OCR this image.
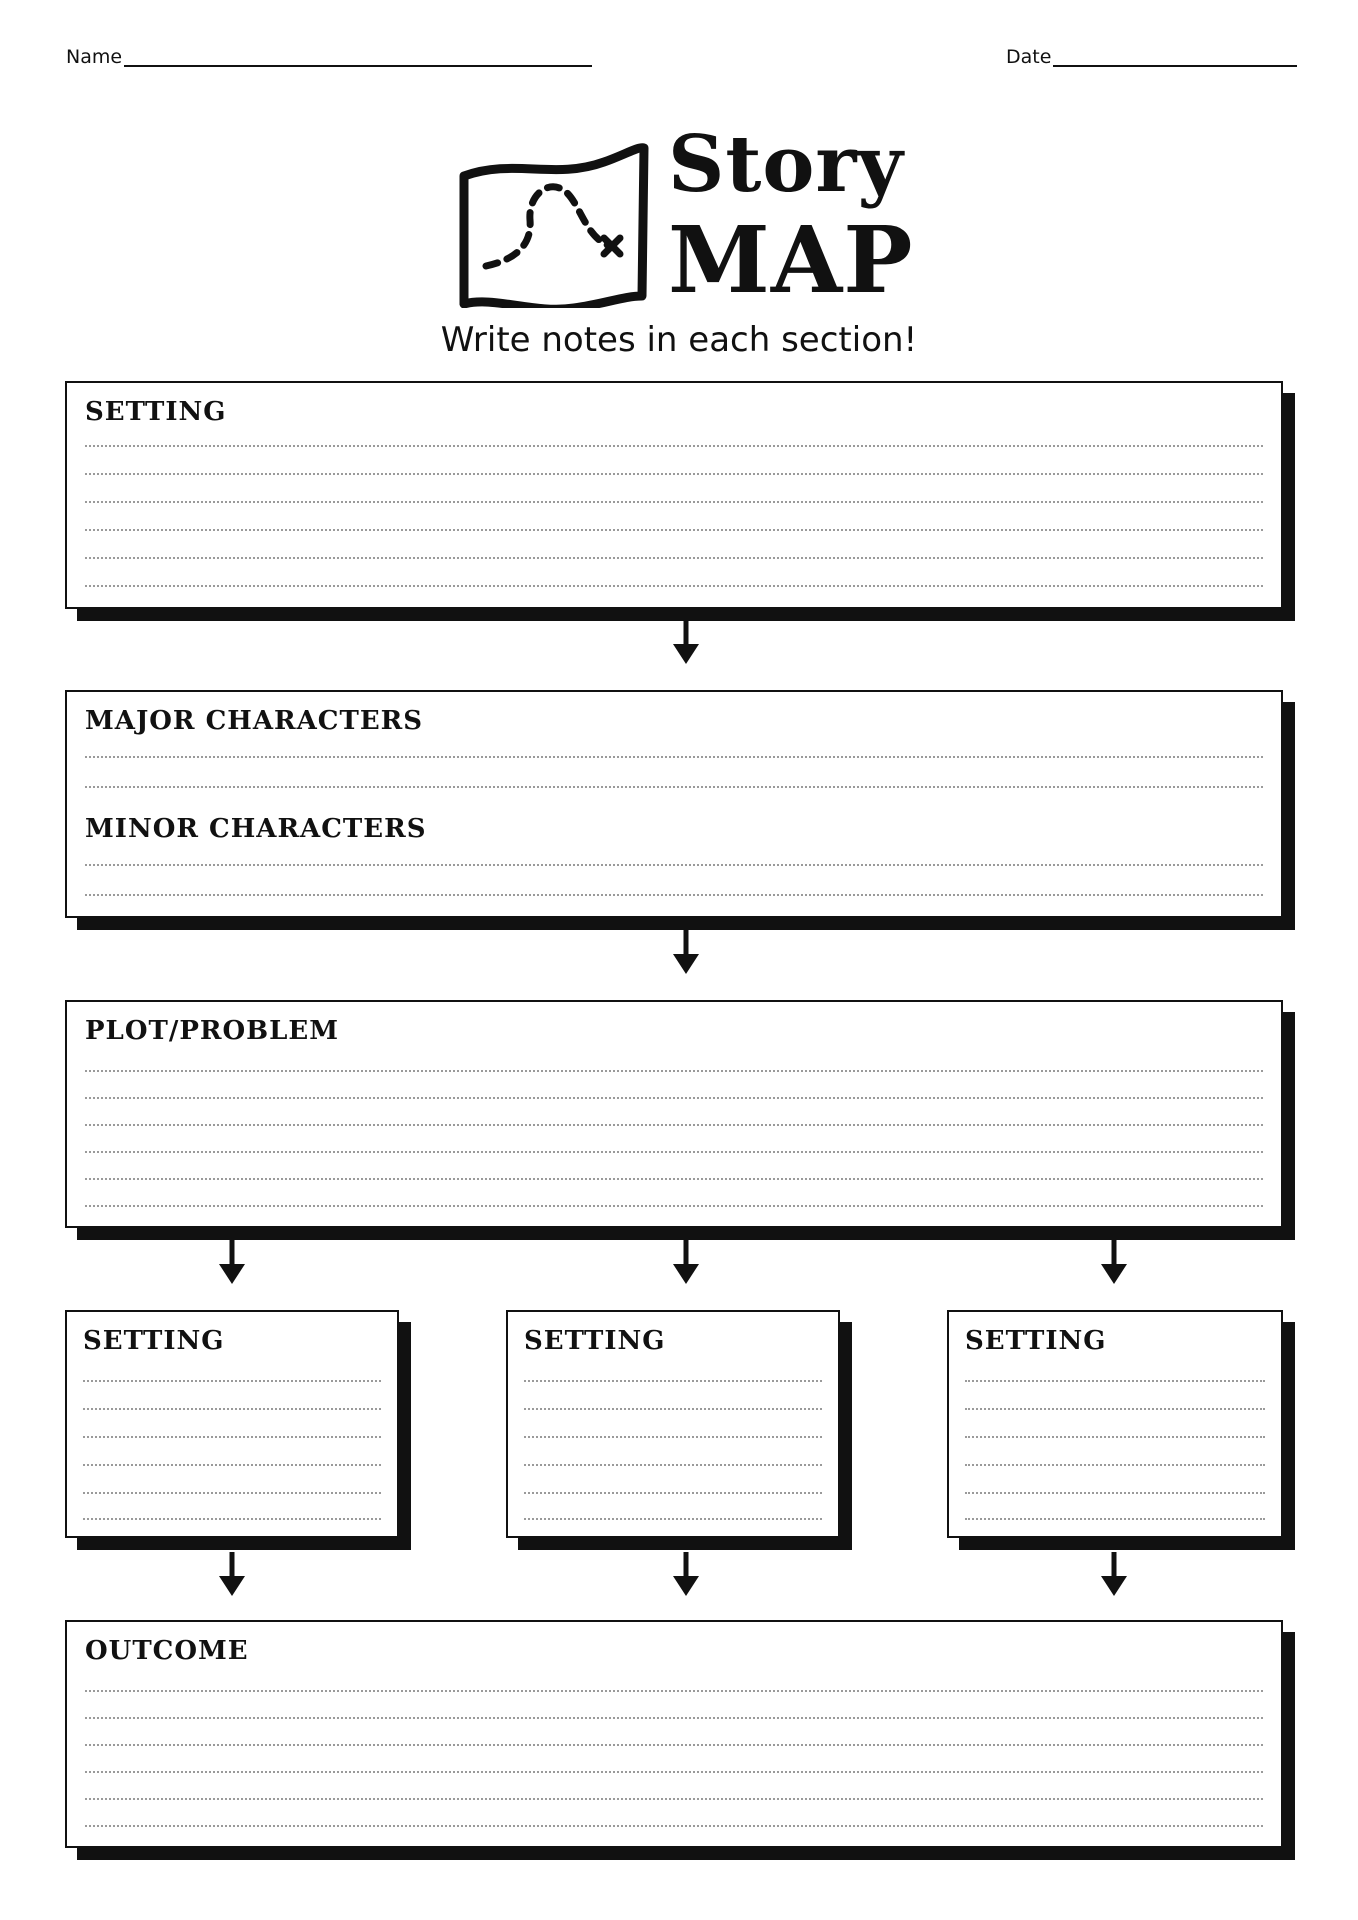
Name	Date
Story
MAP
Write notes in each section!
SETTING
MAJOR CHARACTERS
MINOR CHARACTERS
PLOT/PROBLEM
SETTING	SETTING	SETTING
OUTCOME
